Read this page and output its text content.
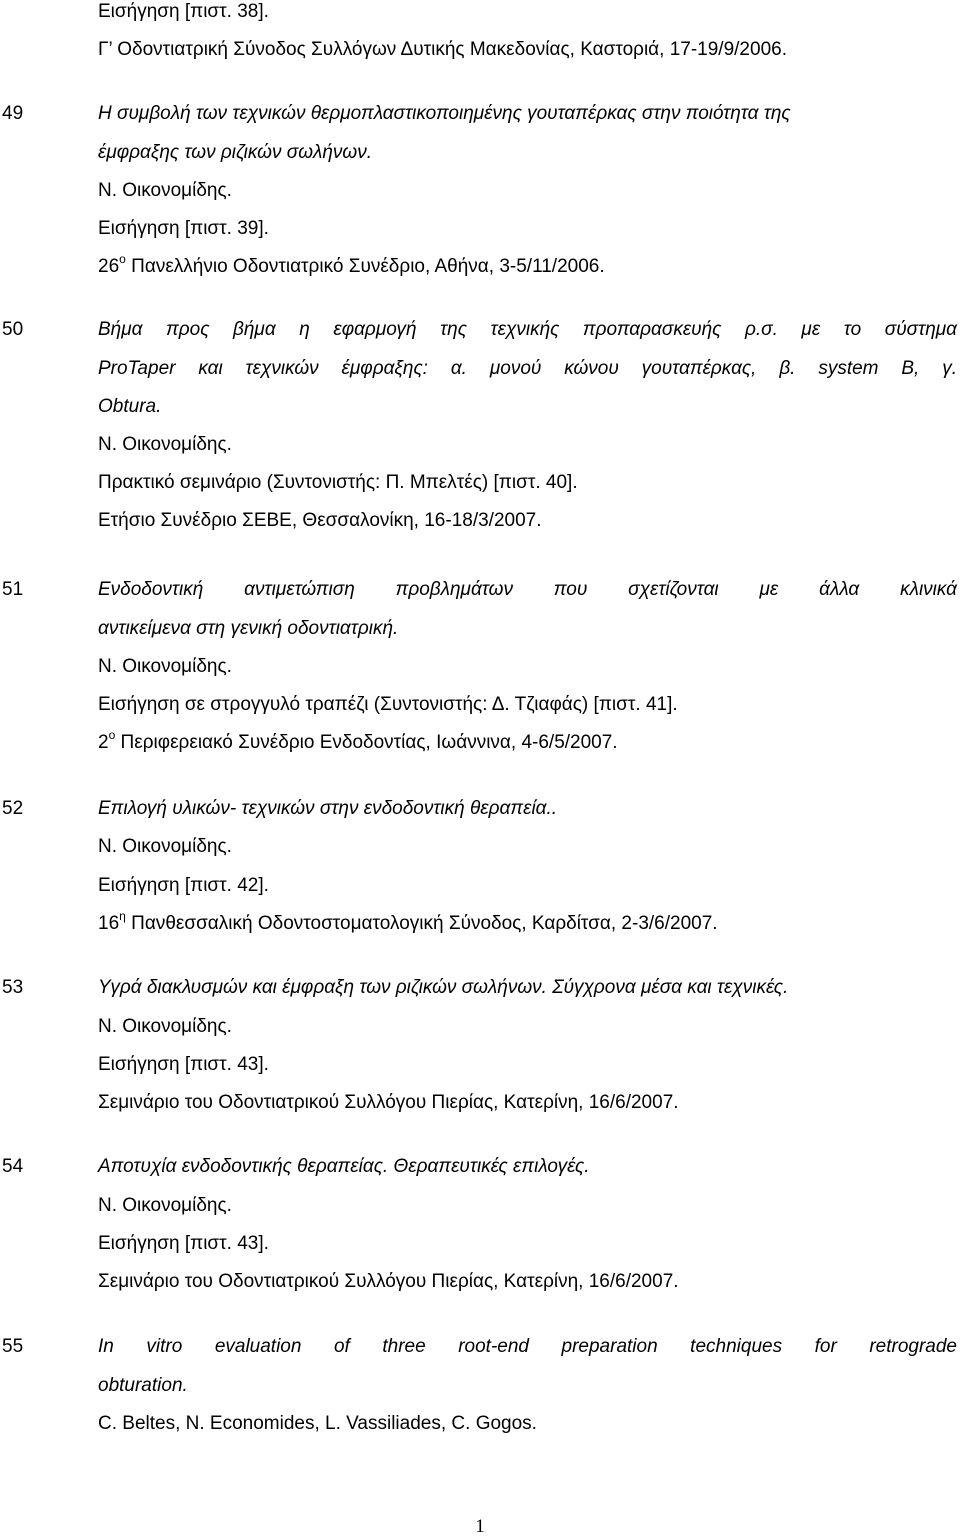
Εισήγηση [πιστ. 38].
Γ’ Οδοντιατρική Σύνοδος Συλλόγων Δυτικής Μακεδονίας, Καστοριά, 17-19/9/2006.
49	Η συμβολή των τεχνικών θερμοπλαστικοποιημένης γουταπέρκας στην ποιότητα της
έμφραξης των ριζικών σωλήνων.
Ν. Οικονομίδης.
Εισήγηση [πιστ. 39].
$26^o$ Πανελλήνιο Οδοντιατρικό Συνέδριο, Αθήνα, 3-5/11/2006.
50	Βήμα προς βήμα η εφαρμογή της τεχνικής προπαρασκευής ρ.σ. με το σύστημα
ProTaper και τεχνικών έμφραξης: α. μονού κώνου γουταπέρκας, β. system B, γ.
Obtura.
Ν. Οικονομίδης.
Πρακτικό σεμινάριο (Συντονιστής: Π. Μπελτές) [πιστ. 40].
Ετήσιο Συνέδριο ΣΕΒΕ, Θεσσαλονίκη, 16-18/3/2007.
51	Ενδοδοντική αντιμετώπιση προβλημάτων που σχετίζονται με άλλα κλινικά
αντικείμενα στη γενική οδοντιατρική.
Ν. Οικονομίδης.
Εισήγηση σε στρογγυλό τραπέζι (Συντονιστής: Δ. Τζιαφάς) [πιστ. 41].
$2^o$ Περιφερειακό Συνέδριο Ενδοδοντίας, Ιωάννινα, 4-6/5/2007.
52	Επιλογή υλικών- τεχνικών στην ενδοδοντική θεραπεία..
Ν. Οικονομίδης.
Εισήγηση [πιστ. 42].
$16^\eta$ Πανθεσσαλική Οδοντοστοματολογική Σύνοδος, Καρδίτσα, 2-3/6/2007.
53	Υγρά διακλυσμών και έμφραξη των ριζικών σωλήνων. Σύγχρονα μέσα και τεχνικές.
Ν. Οικονομίδης.
Εισήγηση [πιστ. 43].
Σεμινάριο του Οδοντιατρικού Συλλόγου Πιερίας, Κατερίνη, 16/6/2007.
54	Αποτυχία ενδοδοντικής θεραπείας. Θεραπευτικές επιλογές.
Ν. Οικονομίδης.
Εισήγηση [πιστ. 43].
Σεμινάριο του Οδοντιατρικού Συλλόγου Πιερίας, Κατερίνη, 16/6/2007.
55	In vitro evaluation of three root-end preparation techniques for retrograde
obturation.
C. Beltes, N. Economides, L. Vassiliades, C. Gogos.
1
